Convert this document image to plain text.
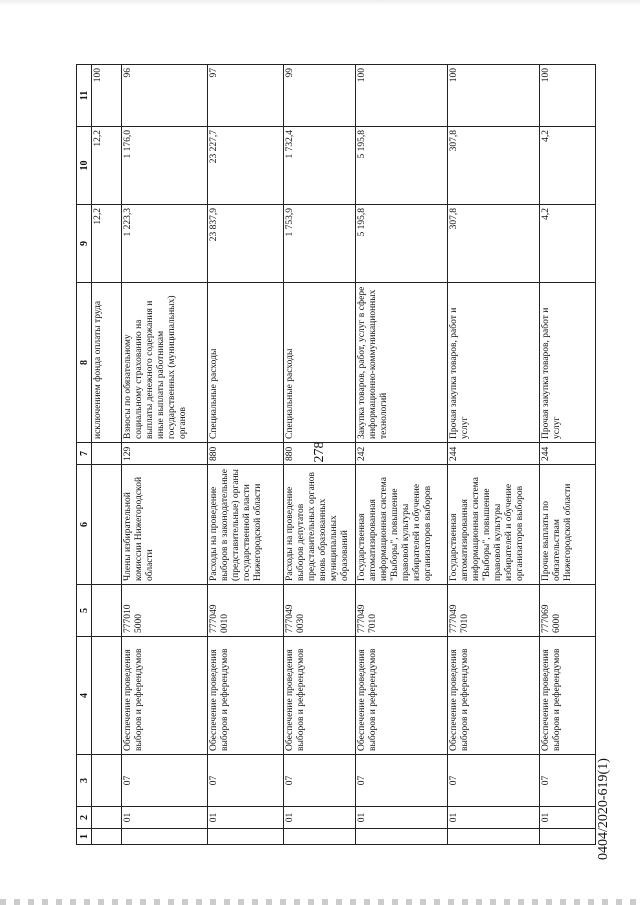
278
1	2	3	4	5	6	7	8	9	10	11
							исключением фонда оплаты труда	12,2	12,2	100
	01	07	Обеспечение проведения выборов и референдумов	777010 5000	Члены избирательной комиссии Нижегородской области	129	Взносы по обязательному социальному страхованию на выплаты денежного содержания и иные выплаты работникам государственных (муниципальных) органов	1 223,3	1 176,0	96
	01	07	Обеспечение проведения выборов и референдумов	777049 0010	Расходы на проведение выборов в законодательные (представительные) органы государственной власти Нижегородской области	880	Специальные расходы	23 837,9	23 227,7	97
	01	07	Обеспечение проведения выборов и референдумов	777049 0030	Расходы на проведение выборов депутатов представительных органов вновь образованных муниципальных образований	880	Специальные расходы	1 753,9	1 732,4	99
	01	07	Обеспечение проведения выборов и референдумов	777049 7010	Государственная автоматизированная информационная система "Выборы", повышение правовой культуры избирателей и обучение организаторов выборов	242	Закупка товаров, работ, услуг в сфере информационно-коммуникационных технологий	5 195,8	5 195,8	100
	01	07	Обеспечение проведения выборов и референдумов	777049 7010	Государственная автоматизированная информационная система "Выборы", повышение правовой культуры избирателей и обучение организаторов выборов	244	Прочая закупка товаров, работ и услуг	307,8	307,8	100
	01	07	Обеспечение проведения выборов и референдумов	777069 6000	Прочие выплаты по обязательствам Нижегородской области	244	Прочая закупка товаров, работ и услуг	4,2	4,2	100
0404/2020-619(1)
